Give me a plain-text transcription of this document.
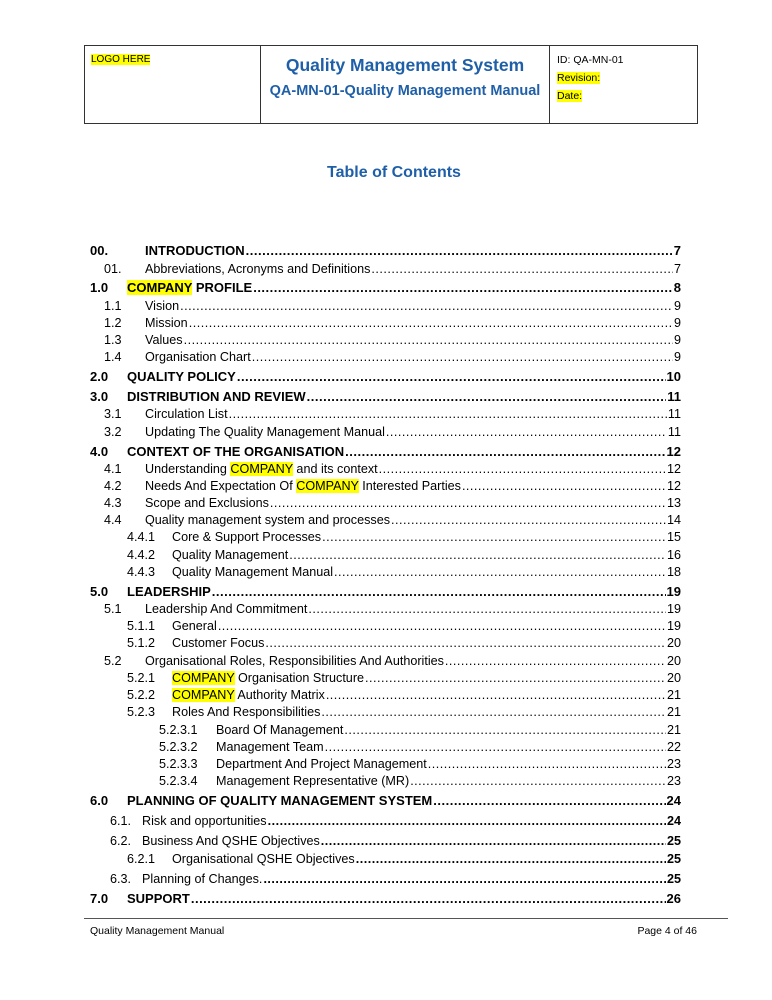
LOGO HERE	Quality Management System
QA-MN-01-Quality Management Manual
ID: QA-MN-01
Revision:
Date:
Table of Contents
00.	INTRODUCTION .....	7
01. Abbreviations, Acronyms and Definitions .....	7
1.0 COMPANY PROFILE .....	8
1.1 Vision .....	9
1.2 Mission .....	9
1.3 Values .....	9
1.4 Organisation Chart .....	9
2.0 QUALITY POLICY .....	10
3.0 DISTRIBUTION AND REVIEW .....	11
3.1 Circulation List .....	11
3.2 Updating The Quality Management Manual .....	11
4.0 CONTEXT OF THE ORGANISATION .....	12
4.1 Understanding COMPANY and its context .....	12
4.2 Needs And Expectation Of COMPANY Interested Parties .....	12
4.3 Scope and Exclusions .....	13
4.4 Quality management system and processes .....	14
4.4.1 Core & Support Processes .....	15
4.4.2 Quality Management .....	16
4.4.3 Quality Management Manual .....	18
5.0 LEADERSHIP .....	19
5.1 Leadership And Commitment .....	19
5.1.1 General .....	19
5.1.2 Customer Focus .....	20
5.2 Organisational Roles, Responsibilities And Authorities .....	20
5.2.1 COMPANY Organisation Structure .....	20
5.2.2 COMPANY Authority Matrix .....	21
5.2.3 Roles And Responsibilities .....	21
5.2.3.1 Board Of Management .....	21
5.2.3.2 Management Team .....	22
5.2.3.3 Department And Project Management .....	23
5.2.3.4 Management Representative (MR) .....	23
6.0 PLANNING OF QUALITY MANAGEMENT SYSTEM .....	24
6.1. Risk and opportunities .....	24
6.2. Business And QSHE Objectives .....	25
6.2.1 Organisational QSHE Objectives .....	25
6.3. Planning of Changes. .....	25
7.0 SUPPORT .....	26
Quality Management Manual	Page 4 of 46
